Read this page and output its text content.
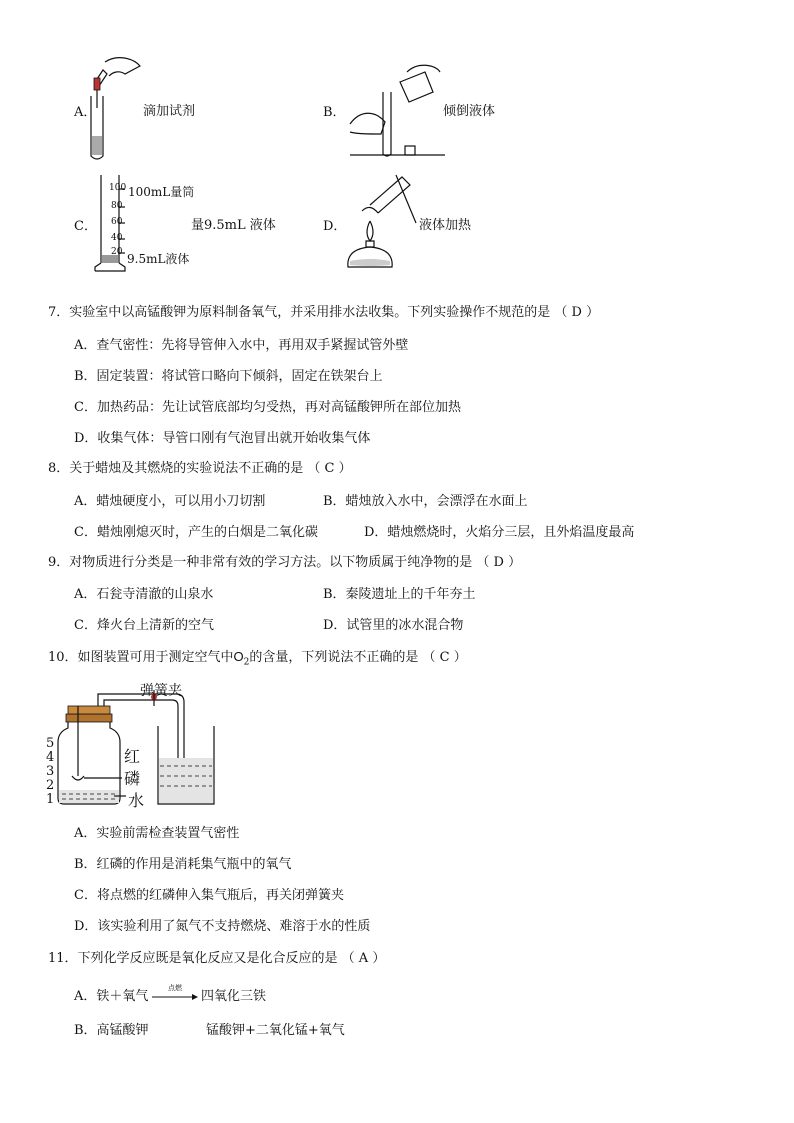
A．	滴加试剂	B．	倾倒液体
100
80
60
40
20
100mL量筒
9.5mL液体
C．	量9.5mL 液体	D．	液体加热
7．实验室中以高锰酸钾为原料制备氧气，并采用排水法收集。下列实验操作不规范的是 （ D ）
A．查气密性：先将导管伸入水中，再用双手紧握试管外壁
B．固定装置：将试管口略向下倾斜，固定在铁架台上
C．加热药品：先让试管底部均匀受热，再对高锰酸钾所在部位加热
D．收集气体：导管口刚有气泡冒出就开始收集气体
8．关于蜡烛及其燃烧的实验说法不正确的是 （ C ）
A．蜡烛硬度小，可以用小刀切割	B．蜡烛放入水中，会漂浮在水面上
C．蜡烛刚熄灭时，产生的白烟是二氧化碳	D．蜡烛燃烧时，火焰分三层，且外焰温度最高
9．对物质进行分类是一种非常有效的学习方法。以下物质属于纯净物的是 （ D ）
A．石瓮寺清澈的山泉水	B．秦陵遗址上的千年夯土
C．烽火台上清新的空气	D．试管里的冰水混合物
10．如图装置可用于测定空气中$O_2$的含量，下列说法不正确的是 （ C ）
弹簧夹
红
磷
水
5
4
3
2
1
A．实验前需检查装置气密性
B．红磷的作用是消耗集气瓶中的氧气
C．将点燃的红磷伸入集气瓶后，再关闭弹簧夹
D．该实验利用了氮气不支持燃烧、难溶于水的性质
11．下列化学反应既是氧化反应又是化合反应的是 （ A ）
A．铁＋氧气
点燃
→ 四氧化三铁
B．高锰酸钾	锰酸钾+二氧化锰+氧气
